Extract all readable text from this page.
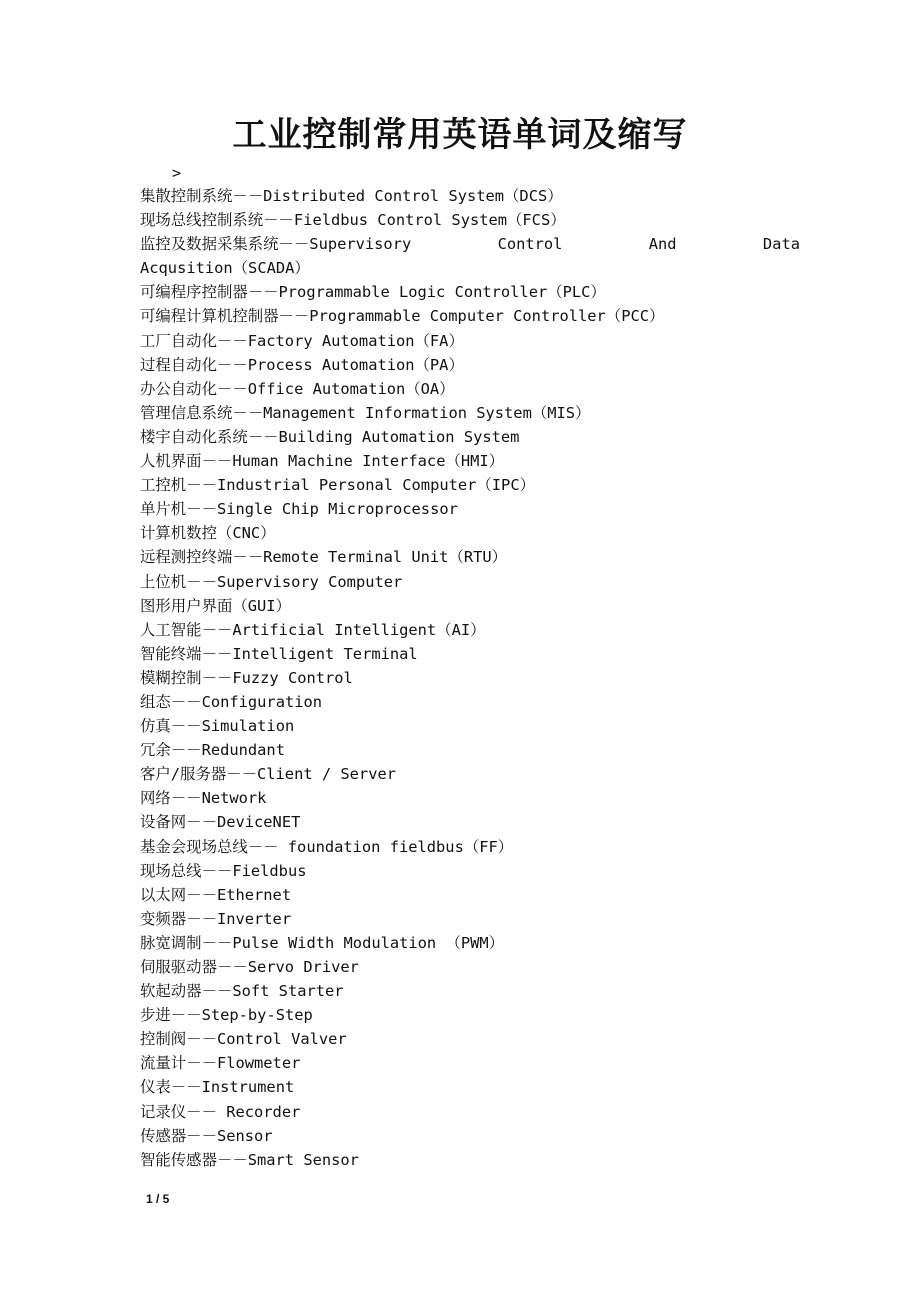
工业控制常用英语单词及缩写
>
集散控制系统－－Distributed Control System（DCS）
现场总线控制系统－－Fieldbus Control System（FCS）
监控及数据采集系统－－Supervisory	Control	And	Data
Acqusition（SCADA）
可编程序控制器－－Programmable Logic Controller（PLC）
可编程计算机控制器－－Programmable Computer Controller（PCC）
工厂自动化－－Factory Automation（FA）
过程自动化－－Process Automation（PA）
办公自动化－－Office Automation（OA）
管理信息系统－－Management Information System（MIS）
楼宇自动化系统－－Building Automation System
人机界面－－Human Machine Interface（HMI）
工控机－－Industrial Personal Computer（IPC）
单片机－－Single Chip Microprocessor
计算机数控（CNC）
远程测控终端－－Remote Terminal Unit（RTU）
上位机－－Supervisory Computer
图形用户界面（GUI）
人工智能－－Artificial Intelligent（AI）
智能终端－－Intelligent Terminal
模糊控制－－Fuzzy Control
组态－－Configuration
仿真－－Simulation
冗余－－Redundant
客户/服务器－－Client / Server
网络－－Network
设备网－－DeviceNET
基金会现场总线－－ foundation fieldbus（FF）
现场总线－－Fieldbus
以太网－－Ethernet
变频器－－Inverter
脉宽调制－－Pulse Width Modulation （PWM）
伺服驱动器－－Servo Driver
软起动器－－Soft Starter
步进－－Step-by-Step
控制阀－－Control Valver
流量计－－Flowmeter
仪表－－Instrument
记录仪－－ Recorder
传感器－－Sensor
智能传感器－－Smart Sensor
1 / 5
